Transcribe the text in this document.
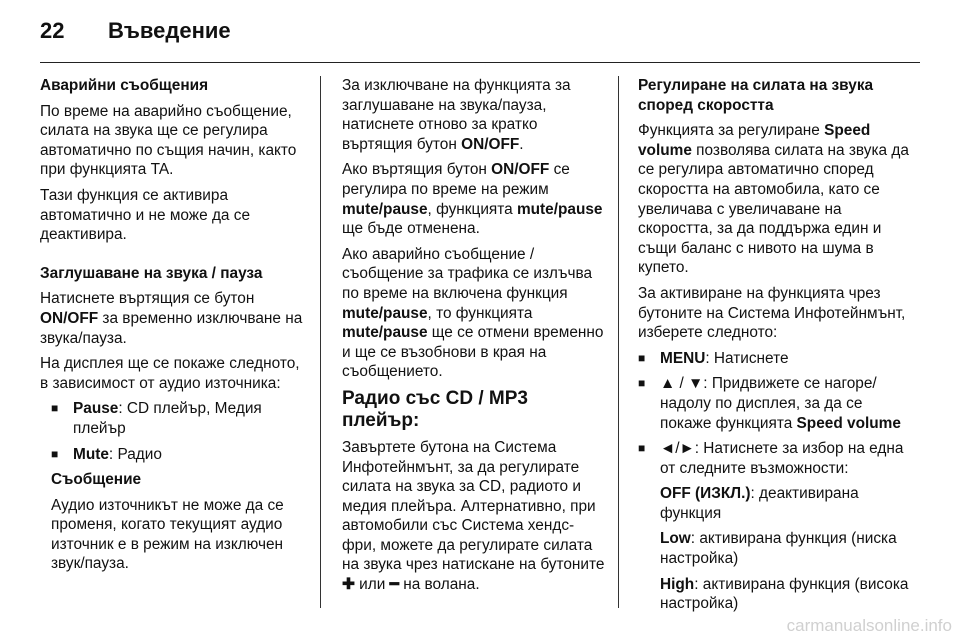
22 Въведение

Аварийни съобщения

По време на аварийно съобщение, силата на звука ще се регулира автоматично по същия начин, както при функцията TA.

Тази функция се активира автоматично и не може да се деактивира.

Заглушаване на звука / пауза

Натиснете въртящия се бутон ON/OFF за временно изключване на звука/пауза.

На дисплея ще се покаже следното, в зависимост от аудио източника:

■ Pause: CD плейър, Медия плейър
■ Mute: Радио

Съобщение

Аудио източникът не може да се променя, когато текущият аудио източник е в режим на изключен звук/пауза.

За изключване на функцията за заглушаване на звука/пауза, натиснете отново за кратко въртящия бутон ON/OFF.

Ако въртящия бутон ON/OFF се регулира по време на режим mute/pause, функцията mute/pause ще бъде отменена.

Ако аварийно съобщение / съобщение за трафика се излъчва по време на включена функция mute/pause, то функцията mute/pause ще се отмени временно и ще се възобнови в края на съобщението.

Радио със CD / MP3 плейър:

Завъртете бутона на Система Инфотейнмънт, за да регулирате силата на звука за CD, радиото и медия плейъра. Алтернативно, при автомобили със Система хендс-фри, можете да регулирате силата на звука чрез натискане на бутоните ✚ или ━ на волана.

Регулиране на силата на звука според скоростта

Функцията за регулиране Speed volume позволява силата на звука да се регулира автоматично според скоростта на автомобила, като се увеличава с увеличаване на скоростта, за да поддържа един и същи баланс с нивото на шума в купето.

За активиране на функцията чрез бутоните на Система Инфотейнмънт, изберете следното:

■ MENU: Натиснете
■ ▲ / ▼: Придвижете се нагоре/ надолу по дисплея, за да се покаже функцията Speed volume
■ ◄/►: Натиснете за избор на една от следните възможности:

OFF (ИЗКЛ.): деактивирана функция

Low: активирана функция (ниска настройка)

High: активирана функция (висока настройка)

carmanualsonline.info
